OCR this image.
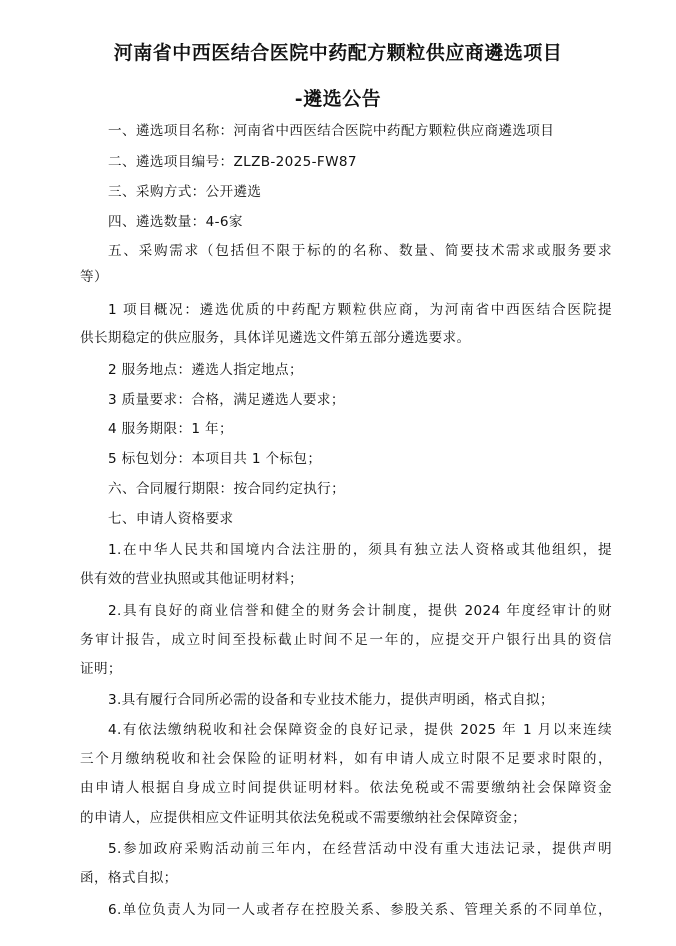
河南省中西医结合医院中药配方颗粒供应商遴选项目
-遴选公告
一、遴选项目名称：河南省中西医结合医院中药配方颗粒供应商遴选项目
二、遴选项目编号：ZLZB-2025-FW87
三、采购方式：公开遴选
四、遴选数量：4-6家
五、采购需求（包括但不限于标的的名称、数量、简要技术需求或服务要求
等）
1 项目概况：遴选优质的中药配方颗粒供应商，为河南省中西医结合医院提
供长期稳定的供应服务，具体详见遴选文件第五部分遴选要求。
2 服务地点：遴选人指定地点；
3 质量要求：合格，满足遴选人要求；
4 服务期限：1 年；
5 标包划分：本项目共 1 个标包；
六、合同履行期限：按合同约定执行；
七、申请人资格要求
1.在中华人民共和国境内合法注册的，须具有独立法人资格或其他组织，提
供有效的营业执照或其他证明材料；
2.具有良好的商业信誉和健全的财务会计制度，提供 2024 年度经审计的财
务审计报告，成立时间至投标截止时间不足一年的，应提交开户银行出具的资信
证明；
3.具有履行合同所必需的设备和专业技术能力，提供声明函，格式自拟；
4.有依法缴纳税收和社会保障资金的良好记录，提供 2025 年 1 月以来连续
三个月缴纳税收和社会保险的证明材料，如有申请人成立时限不足要求时限的，
由申请人根据自身成立时间提供证明材料。依法免税或不需要缴纳社会保障资金
的申请人，应提供相应文件证明其依法免税或不需要缴纳社会保障资金；
5.参加政府采购活动前三年内，在经营活动中没有重大违法记录，提供声明
函，格式自拟；
6.单位负责人为同一人或者存在控股关系、参股关系、管理关系的不同单位，
